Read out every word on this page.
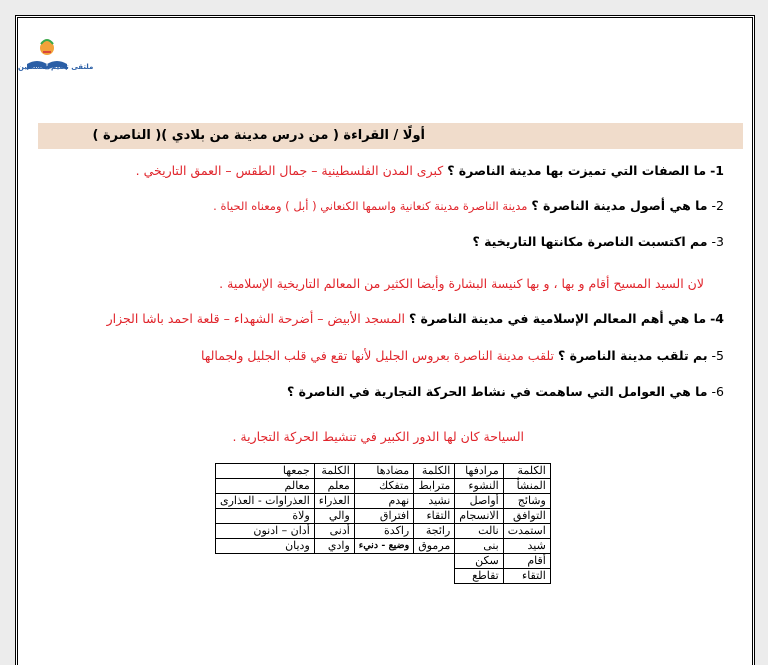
ملتقى تعليم فلسطين
أولًا / القراءة ( من درس مدينة من بلادي )( الناصرة )
1- ما الصفات التي تميزت بها مدينة الناصرة ؟ كبرى المدن الفلسطينية – جمال الطقس – العمق التاريخي .
2- ما هي أصول مدينة الناصرة ؟ مدينة الناصرة مدينة كنعانية واسمها الكنعاني ( أبل ) ومعناه الحياة .
3- مم اكتسبت الناصرة مكانتها التاريخية ؟
لان السيد المسيح أقام و بها ، و بها كنيسة البشارة وأيضا الكثير من المعالم التاريخية الإسلامية .
4- ما هي أهم المعالم الإسلامية في مدينة الناصرة ؟ المسجد الأبيض – أضرحة الشهداء – قلعة احمد باشا الجزار
5- بم تلقب مدينة الناصرة ؟ تلقب مدينة الناصرة بعروس الجليل لأنها تقع في قلب الجليل ولجمالها
6- ما هي العوامل التي ساهمت في نشاط الحركة التجارية في الناصرة ؟
السياحة كان لها الدور الكبير في تنشيط الحركة التجارية .
الكلمة	مرادفها	الكلمة	مضادها	الكلمة	جمعها
المنشأ	النشوء	مترابط	متفكك	معلم	معالم
وشائج	أواصل	نشيد	نهدم	العذراء	العذراوات - العذارى
التوافق	الانسجام	التقاء	افتراق	والي	ولاة
استمدت	نالت	رائجة	راكدة	أدنى	أدان – ادنون
شيد	بنى	مرموق	وضيع - دنيء	وادي	وديان
أقام	سكن				
التقاء	تقاطع				
